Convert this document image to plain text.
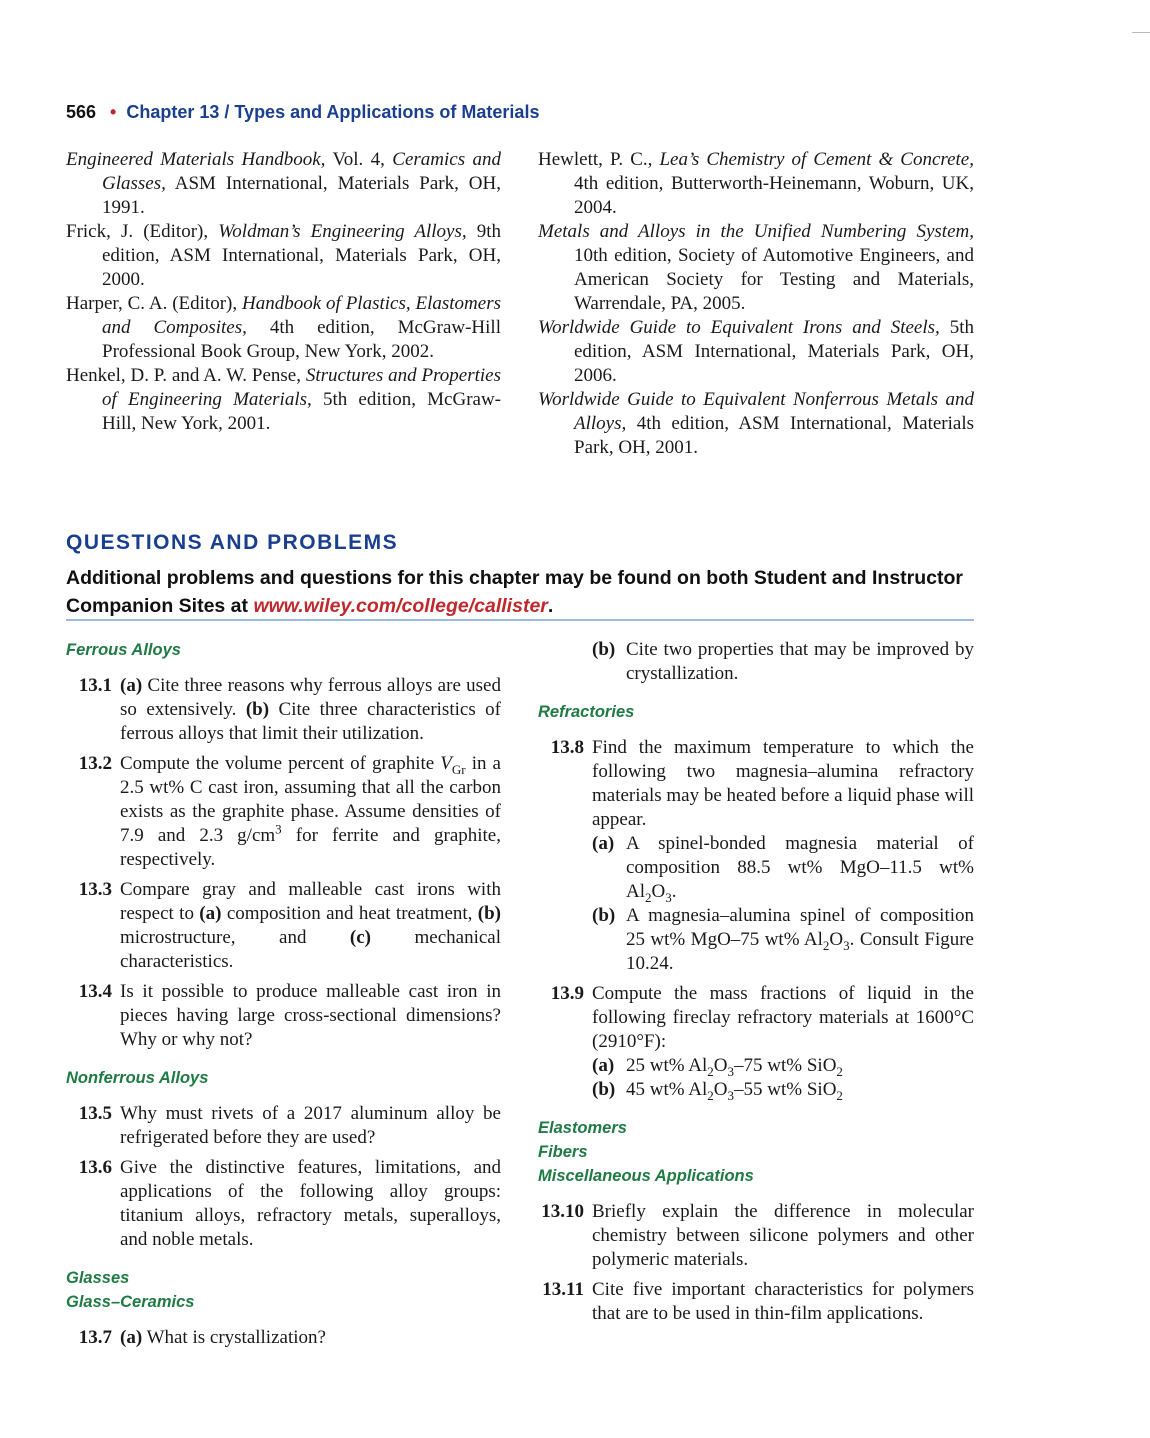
566 • Chapter 13 / Types and Applications of Materials

Engineered Materials Handbook, Vol. 4, Ceramics and Glasses, ASM International, Materials Park, OH, 1991.

Frick, J. (Editor), Woldman’s Engineering Alloys, 9th edition, ASM International, Materials Park, OH, 2000.

Harper, C. A. (Editor), Handbook of Plastics, Elastomers and Composites, 4th edition, McGraw-Hill Professional Book Group, New York, 2002.

Henkel, D. P. and A. W. Pense, Structures and Properties of Engineering Materials, 5th edition, McGraw-Hill, New York, 2001.

Hewlett, P. C., Lea’s Chemistry of Cement & Concrete, 4th edition, Butterworth-Heinemann, Woburn, UK, 2004.

Metals and Alloys in the Unified Numbering System, 10th edition, Society of Automotive Engineers, and American Society for Testing and Materials, Warrendale, PA, 2005.

Worldwide Guide to Equivalent Irons and Steels, 5th edition, ASM International, Materials Park, OH, 2006.

Worldwide Guide to Equivalent Nonferrous Metals and Alloys, 4th edition, ASM International, Materials Park, OH, 2001.

QUESTIONS AND PROBLEMS
Additional problems and questions for this chapter may be found on both Student and Instructor Companion Sites at www.wiley.com/college/callister.

Ferrous Alloys

13.1 (a) Cite three reasons why ferrous alloys are used so extensively. (b) Cite three characteristics of ferrous alloys that limit their utilization.
13.2 Compute the volume percent of graphite $V_{Gr}$ in a 2.5 wt% C cast iron, assuming that all the carbon exists as the graphite phase. Assume densities of 7.9 and 2.3 $g/cm^3$ for ferrite and graphite, respectively.
13.3 Compare gray and malleable cast irons with respect to (a) composition and heat treatment, (b) microstructure, and (c) mechanical characteristics.
13.4 Is it possible to produce malleable cast iron in pieces having large cross-sectional dimensions? Why or why not?

Nonferrous Alloys

13.5 Why must rivets of a 2017 aluminum alloy be refrigerated before they are used?
13.6 Give the distinctive features, limitations, and applications of the following alloy groups: titanium alloys, refractory metals, superalloys, and noble metals.

Glasses

Glass–Ceramics

13.7 (a) What is crystallization?
(b) Cite two properties that may be improved by crystallization.

Refractories

13.8 Find the maximum temperature to which the following two magnesia–alumina refractory materials may be heated before a liquid phase will appear.
(a) A spinel-bonded magnesia material of composition 88.5 wt% MgO–11.5 wt% $Al_2O_3$.
(b) A magnesia–alumina spinel of composition 25 wt% MgO–75 wt% $Al_2O_3$. Consult Figure 10.24.
13.9 Compute the mass fractions of liquid in the following fireclay refractory materials at 1600°C (2910°F):
(a) 25 wt% $Al_2O_3-75$ wt% SiO$_2$
(b) 45 wt% $Al_2O_3-55$ wt% SiO$_2$

Elastomers

Fibers

Miscellaneous Applications

13.10 Briefly explain the difference in molecular chemistry between silicone polymers and other polymeric materials.
13.11 Cite five important characteristics for polymers that are to be used in thin-film applications.
